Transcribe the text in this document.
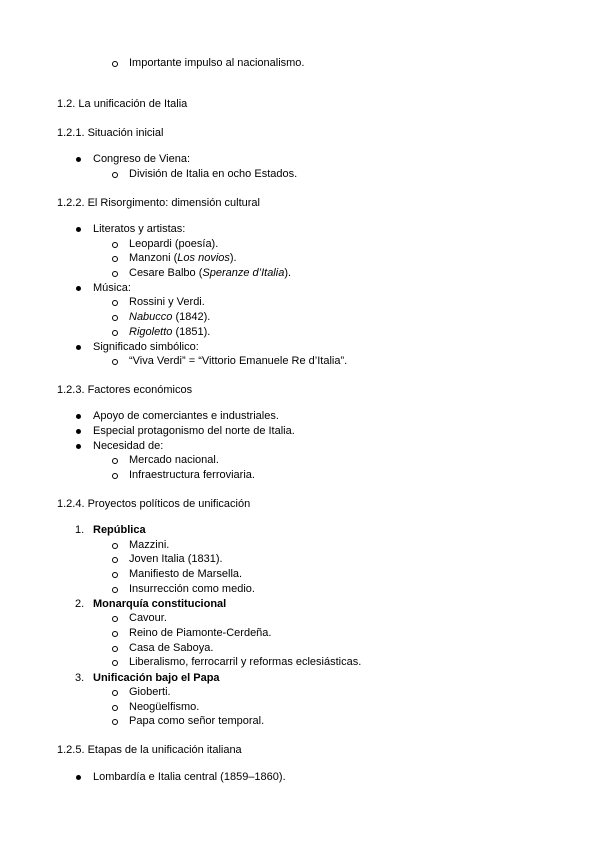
Importante impulso al nacionalismo.
1.2. La unificación de Italia
1.2.1. Situación inicial
Congreso de Viena:
División de Italia en ocho Estados.
1.2.2. El Risorgimento: dimensión cultural
Literatos y artistas:
Leopardi (poesía).
Manzoni (Los novios).
Cesare Balbo (Speranze d’Italia).
Música:
Rossini y Verdi.
Nabucco (1842).
Rigoletto (1851).
Significado simbólico:
“Viva Verdi” = “Vittorio Emanuele Re d’Italia”.
1.2.3. Factores económicos
Apoyo de comerciantes e industriales.
Especial protagonismo del norte de Italia.
Necesidad de:
Mercado nacional.
Infraestructura ferroviaria.
1.2.4. Proyectos políticos de unificación
1. República
Mazzini.
Joven Italia (1831).
Manifiesto de Marsella.
Insurrección como medio.
2. Monarquía constitucional
Cavour.
Reino de Piamonte-Cerdeña.
Casa de Saboya.
Liberalismo, ferrocarril y reformas eclesiásticas.
3. Unificación bajo el Papa
Gioberti.
Neogüelfismo.
Papa como señor temporal.
1.2.5. Etapas de la unificación italiana
Lombardía e Italia central (1859–1860).
